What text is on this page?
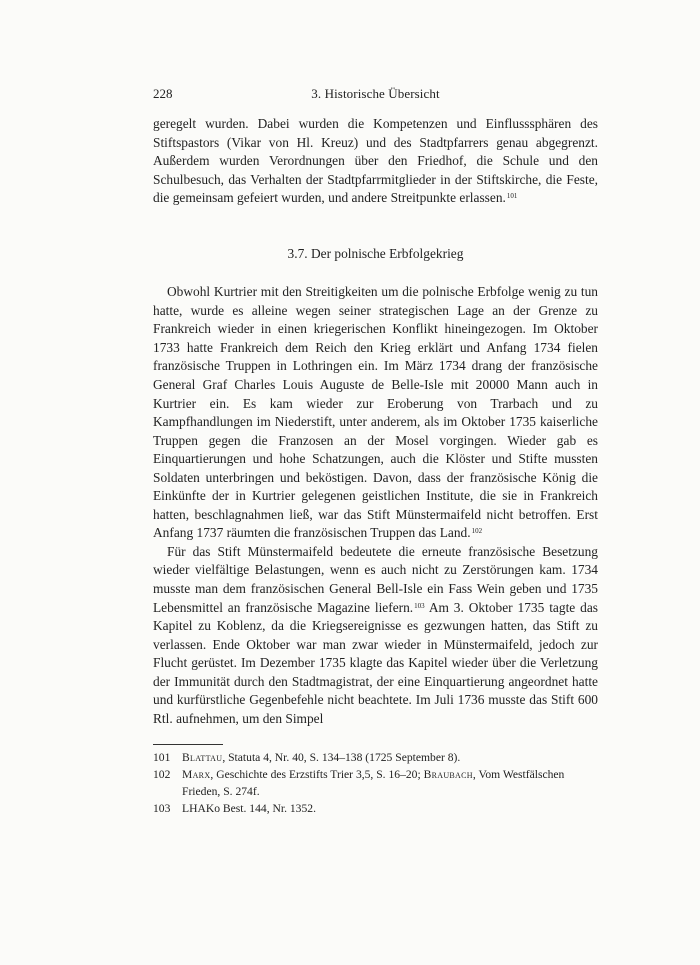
228	3. Historische Übersicht

geregelt wurden. Dabei wurden die Kompetenzen und Einflusssphären des Stiftspastors (Vikar von Hl. Kreuz) und des Stadtpfarrers genau abgegrenzt. Außerdem wurden Verordnungen über den Friedhof, die Schule und den Schulbesuch, das Verhalten der Stadtpfarrmitglieder in der Stiftskirche, die Feste, die gemeinsam gefeiert wurden, und andere Streitpunkte erlassen.$^{101}$

3.7. Der polnische Erbfolgekrieg

Obwohl Kurtrier mit den Streitigkeiten um die polnische Erbfolge wenig zu tun hatte, wurde es alleine wegen seiner strategischen Lage an der Grenze zu Frankreich wieder in einen kriegerischen Konflikt hineingezogen. Im Oktober 1733 hatte Frankreich dem Reich den Krieg erklärt und Anfang 1734 fielen französische Truppen in Lothringen ein. Im März 1734 drang der französische General Graf Charles Louis Auguste de Belle-Isle mit 20000 Mann auch in Kurtrier ein. Es kam wieder zur Eroberung von Trarbach und zu Kampfhandlungen im Niederstift, unter anderem, als im Oktober 1735 kaiserliche Truppen gegen die Franzosen an der Mosel vorgingen. Wieder gab es Einquartierungen und hohe Schatzungen, auch die Klöster und Stifte mussten Soldaten unterbringen und beköstigen. Davon, dass der französische König die Einkünfte der in Kurtrier gelegenen geistlichen Institute, die sie in Frankreich hatten, beschlagnahmen ließ, war das Stift Münstermaifeld nicht betroffen. Erst Anfang 1737 räumten die französischen Truppen das Land.$^{102}$

Für das Stift Münstermaifeld bedeutete die erneute französische Besetzung wieder vielfältige Belastungen, wenn es auch nicht zu Zerstörungen kam. 1734 musste man dem französischen General Bell-Isle ein Fass Wein geben und 1735 Lebensmittel an französische Magazine liefern.$^{103}$ Am 3. Oktober 1735 tagte das Kapitel zu Koblenz, da die Kriegsereignisse es gezwungen hatten, das Stift zu verlassen. Ende Oktober war man zwar wieder in Münstermaifeld, jedoch zur Flucht gerüstet. Im Dezember 1735 klagte das Kapitel wieder über die Verletzung der Immunität durch den Stadtmagistrat, der eine Einquartierung angeordnet hatte und kurfürstliche Gegenbefehle nicht beachtete. Im Juli 1736 musste das Stift 600 Rtl. aufnehmen, um den Simpel

101	Blattau, Statuta 4, Nr. 40, S. 134–138 (1725 September 8).
102	Marx, Geschichte des Erzstifts Trier 3,5, S. 16–20; Braubach, Vom Westfälschen Frieden, S. 274f.
103	LHAKo Best. 144, Nr. 1352.
